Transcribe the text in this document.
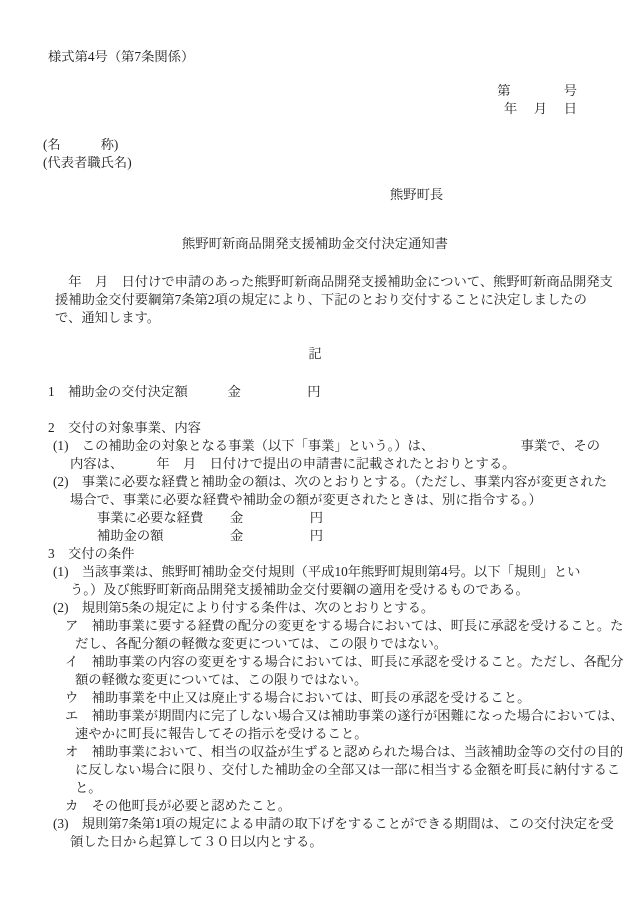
様式第4号（第7条関係）
第　　　　号
年　 月　 日
(名　　　称)
(代表者職氏名)
熊野町長
熊野町新商品開発支援補助金交付決定通知書
　年　月　日付けで申請のあった熊野町新商品開発支援補助金について、熊野町新商品開発支
援補助金交付要綱第7条第2項の規定により、下記のとおり交付することに決定しましたの
で、通知します。
記
1　補助金の交付決定額　　　金　　　　　円
2　交付の対象事業、内容
(1)　この補助金の対象となる事業（以下「事業」という。）は、　　　　　　　事業で、その
内容は、　　　年　月　日付けで提出の申請書に記載されたとおりとする。
(2)　事業に必要な経費と補助金の額は、次のとおりとする。（ただし、事業内容が変更された
場合で、事業に必要な経費や補助金の額が変更されたときは、別に指令する。）
事業に必要な経費　　金　　　　　円
補助金の額　　　　　金　　　　　円
3　交付の条件
(1)　当該事業は、熊野町補助金交付規則（平成10年熊野町規則第4号。以下「規則」とい
う。）及び熊野町新商品開発支援補助金交付要綱の適用を受けるものである。
(2)　規則第5条の規定により付する条件は、次のとおりとする。
ア　補助事業に要する経費の配分の変更をする場合においては、町長に承認を受けること。た
だし、各配分額の軽微な変更については、この限りではない。
イ　補助事業の内容の変更をする場合においては、町長に承認を受けること。ただし、各配分
額の軽微な変更については、この限りではない。
ウ　補助事業を中止又は廃止する場合においては、町長の承認を受けること。
エ　補助事業が期間内に完了しない場合又は補助事業の遂行が困難になった場合においては、
速やかに町長に報告してその指示を受けること。
オ　補助事業において、相当の収益が生ずると認められた場合は、当該補助金等の交付の目的
に反しない場合に限り、交付した補助金の全部又は一部に相当する金額を町長に納付するこ
と。
カ　その他町長が必要と認めたこと。
(3)　規則第7条第1項の規定による申請の取下げをすることができる期間は、この交付決定を受
領した日から起算して３０日以内とする。
